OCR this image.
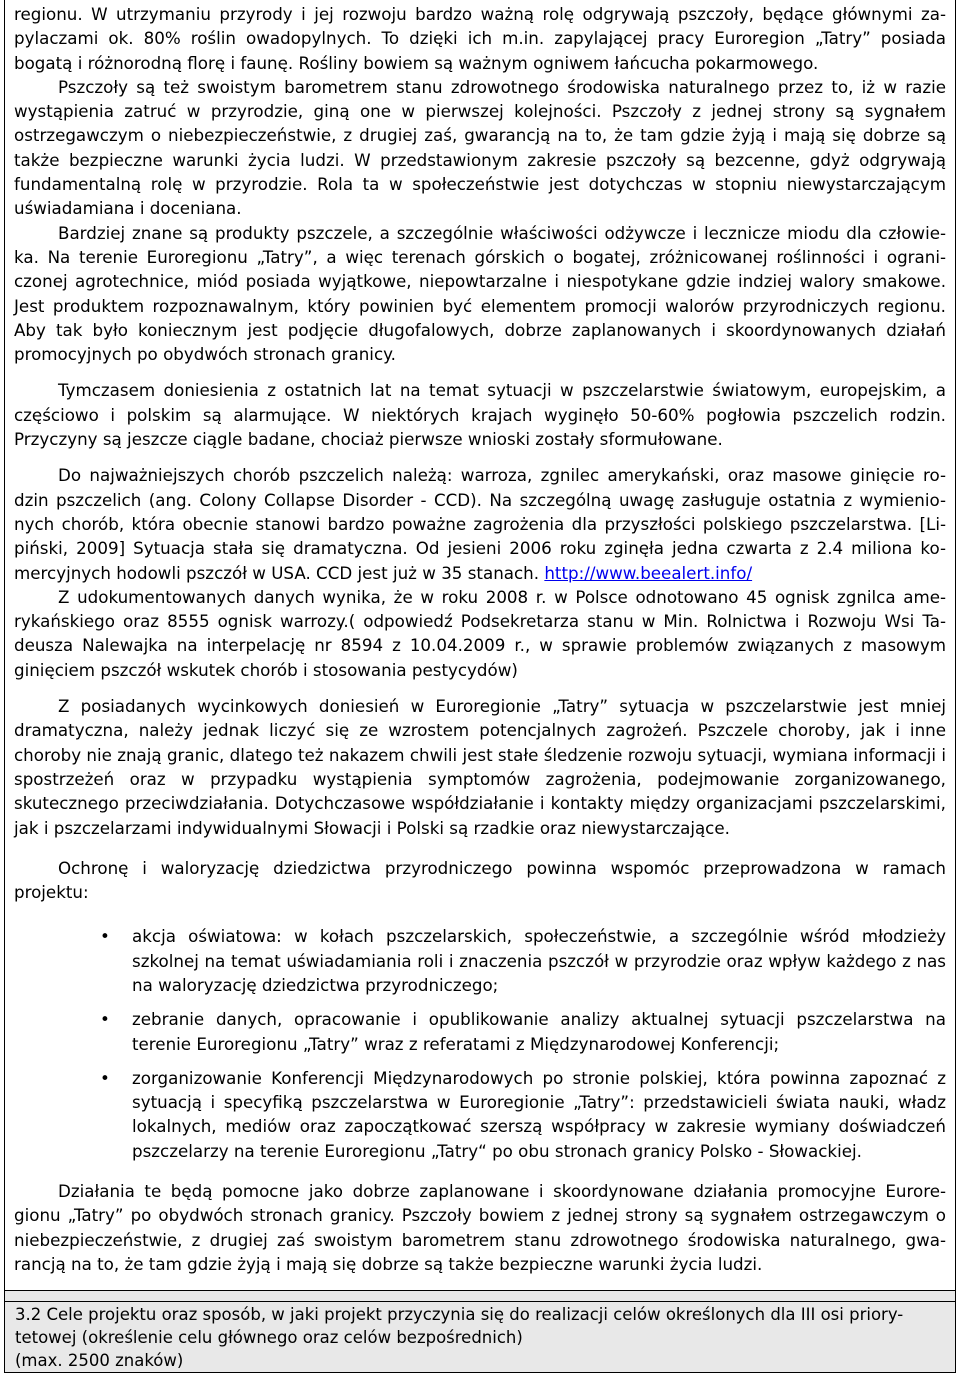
regionu. W utrzymaniu przyrody i jej rozwoju bardzo ważną rolę odgrywają pszczoły, będące głównymi za- pylaczami ok. 80% roślin owadopylnych. To dzięki ich m.in. zapylającej pracy Euroregion „Tatry” posiada bogatą i różnorodną florę i faunę. Rośliny bowiem są ważnym ogniwem łańcucha pokarmowego.

Pszczoły są też swoistym barometrem stanu zdrowotnego środowiska naturalnego przez to, iż w razie wystąpienia zatruć w przyrodzie, giną one w pierwszej kolejności. Pszczoły z jednej strony są sygnałem ostrzegawczym o niebezpieczeństwie, z drugiej zaś, gwarancją na to, że tam gdzie żyją i mają się dobrze są także bezpieczne warunki życia ludzi. W przedstawionym zakresie pszczoły są bezcenne, gdyż odgrywają fundamentalną rolę w przyrodzie. Rola ta w społeczeństwie jest dotychczas w stopniu niewystarczającym uświadamiana i doceniana.

Bardziej znane są produkty pszczele, a szczególnie właściwości odżywcze i lecznicze miodu dla człowie- ka. Na terenie Euroregionu „Tatry”, a więc terenach górskich o bogatej, zróżnicowanej roślinności i ograni- czonej agrotechnice, miód posiada wyjątkowe, niepowtarzalne i niespotykane gdzie indziej walory smakowe. Jest produktem rozpoznawalnym, który powinien być elementem promocji walorów przyrodniczych regionu. Aby tak było koniecznym jest podjęcie długofalowych, dobrze zaplanowanych i skoordynowanych działań promocyjnych po obydwóch stronach granicy.

Tymczasem doniesienia z ostatnich lat na temat sytuacji w pszczelarstwie światowym, europejskim, a częściowo i polskim są alarmujące. W niektórych krajach wyginęło 50-60% pogłowia pszczelich rodzin. Przyczyny są jeszcze ciągle badane, chociaż pierwsze wnioski zostały sformułowane.

Do najważniejszych chorób pszczelich należą: warroza, zgnilec amerykański, oraz masowe ginięcie ro- dzin pszczelich (ang. Colony Collapse Disorder - CCD). Na szczególną uwagę zasługuje ostatnia z wymienio- nych chorób, która obecnie stanowi bardzo poważne zagrożenia dla przyszłości polskiego pszczelarstwa. [Li- piński, 2009] Sytuacja stała się dramatyczna. Od jesieni 2006 roku zginęła jedna czwarta z 2.4 miliona ko- mercyjnych hodowli pszczół w USA. CCD jest już w 35 stanach. http://www.beealert.info/

Z udokumentowanych danych wynika, że w roku 2008 r. w Polsce odnotowano 45 ognisk zgnilca ame- rykańskiego oraz 8555 ognisk warrozy.( odpowiedź Podsekretarza stanu w Min. Rolnictwa i Rozwoju Wsi Ta- deusza Nalewajka na interpelację nr 8594 z 10.04.2009 r., w sprawie problemów związanych z masowym ginięciem pszczół wskutek chorób i stosowania pestycydów)

Z posiadanych wycinkowych doniesień w Euroregionie „Tatry” sytuacja w pszczelarstwie jest mniej dramatyczna, należy jednak liczyć się ze wzrostem potencjalnych zagrożeń. Pszczele choroby, jak i inne choroby nie znają granic, dlatego też nakazem chwili jest stałe śledzenie rozwoju sytuacji, wymiana informacji i spostrzeżeń oraz w przypadku wystąpienia symptomów zagrożenia, podejmowanie zorganizowanego, skutecznego przeciwdziałania. Dotychczasowe współdziałanie i kontakty między organizacjami pszczelarskimi, jak i pszczelarzami indywidualnymi Słowacji i Polski są rzadkie oraz niewystarczające.

Ochronę i waloryzację dziedzictwa przyrodniczego powinna wspomóc przeprowadzona w ramach projektu:

• akcja oświatowa: w kołach pszczelarskich, społeczeństwie, a szczególnie wśród młodzieży szkolnej na temat uświadamiania roli i znaczenia pszczół w przyrodzie oraz wpływ każdego z nas na waloryzację dziedzictwa przyrodniczego;
• zebranie danych, opracowanie i opublikowanie analizy aktualnej sytuacji pszczelarstwa na terenie Euroregionu „Tatry” wraz z referatami z Międzynarodowej Konferencji;
• zorganizowanie Konferencji Międzynarodowych po stronie polskiej, która powinna zapoznać z sytuacją i specyfiką pszczelarstwa w Euroregionie „Tatry”: przedstawicieli świata nauki, władz lokalnych, mediów oraz zapoczątkować szerszą współpracy w zakresie wymiany doświadczeń pszczelarzy na terenie Euroregionu „Tatry“ po obu stronach granicy Polsko - Słowackiej.

Działania te będą pomocne jako dobrze zaplanowane i skoordynowane działania promocyjne Eurore- gionu „Tatry” po obydwóch stronach granicy. Pszczoły bowiem z jednej strony są sygnałem ostrzegawczym o niebezpieczeństwie, z drugiej zaś swoistym barometrem stanu zdrowotnego środowiska naturalnego, gwa- rancją na to, że tam gdzie żyją i mają się dobrze są także bezpieczne warunki życia ludzi.

3.2 Cele projektu oraz sposób, w jaki projekt przyczynia się do realizacji celów określonych dla III osi priory- tetowej (określenie celu głównego oraz celów bezpośrednich)
(max. 2500 znaków)
